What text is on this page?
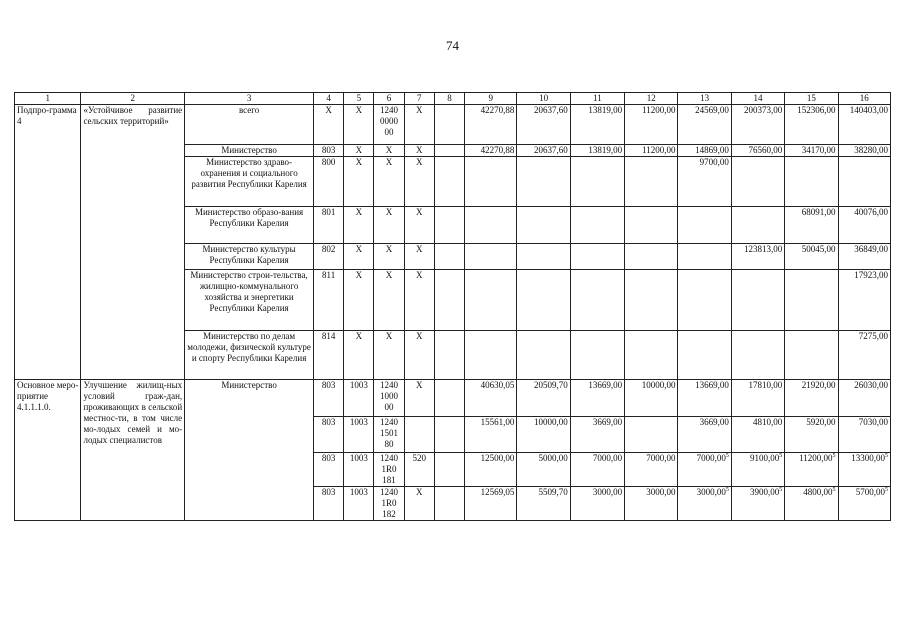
74
1	2	3	4	5	6	7	8	9	10	11	12	13	14	15	16
Подпро-грамма 4	«Устойчивое развитие сельских территорий»	всего	Х	Х	1240 0000 00	Х		42270,88	20637,60	13819,00	11200,00	24569,00	200373,00	152306,00	140403,00
		Министерство	803	Х	Х	Х		42270,88	20637,60	13819,00	11200,00	14869,00	76560,00	34170,00	38280,00
		Министерство здраво-охранения и социального развития Республики Карелия	800	Х	Х	Х						9700,00			
		Министерство образо-вания Республики Карелия	801	Х	Х	Х								68091,00	40076,00
		Министерство культуры Республики Карелия	802	Х	Х	Х							123813,00	50045,00	36849,00
		Министерство строи-тельства, жилищно-коммунального хозяйства и энергетики Республики Карелия	811	Х	Х	Х									17923,00
		Министерство по делам молодежи, физической культуре и спорту Республики Карелия	814	Х	Х	Х									7275,00
Основное меро-приятие 4.1.1.1.0.	Улучшение жилищ-ных условий граж-дан, проживающих в сельской местнос-ти, в том числе мо-лодых семей и мо-лодых специалистов	Министерство	803	1003	1240 1000 00	Х		40630,05	20509,70	13669,00	10000,00	13669,00	17810,00	21920,00	26030,00
			803	1003	1240 1501 80			15561,00	10000,00	3669,00		3669,00	4810,00	5920,00	7030,00
			803	1003	1240 1R0 181	520		12500,00	5000,00	7000,00	7000,00	7000,00$^5$	9100,00$^5$	11200,00$^5$	13300,00$^5$
			803	1003	1240 1R0 182	Х		12569,05	5509,70	3000,00	3000,00	3000,00$^5$	3900,00$^5$	4800,00$^5$	5700,00$^5$
